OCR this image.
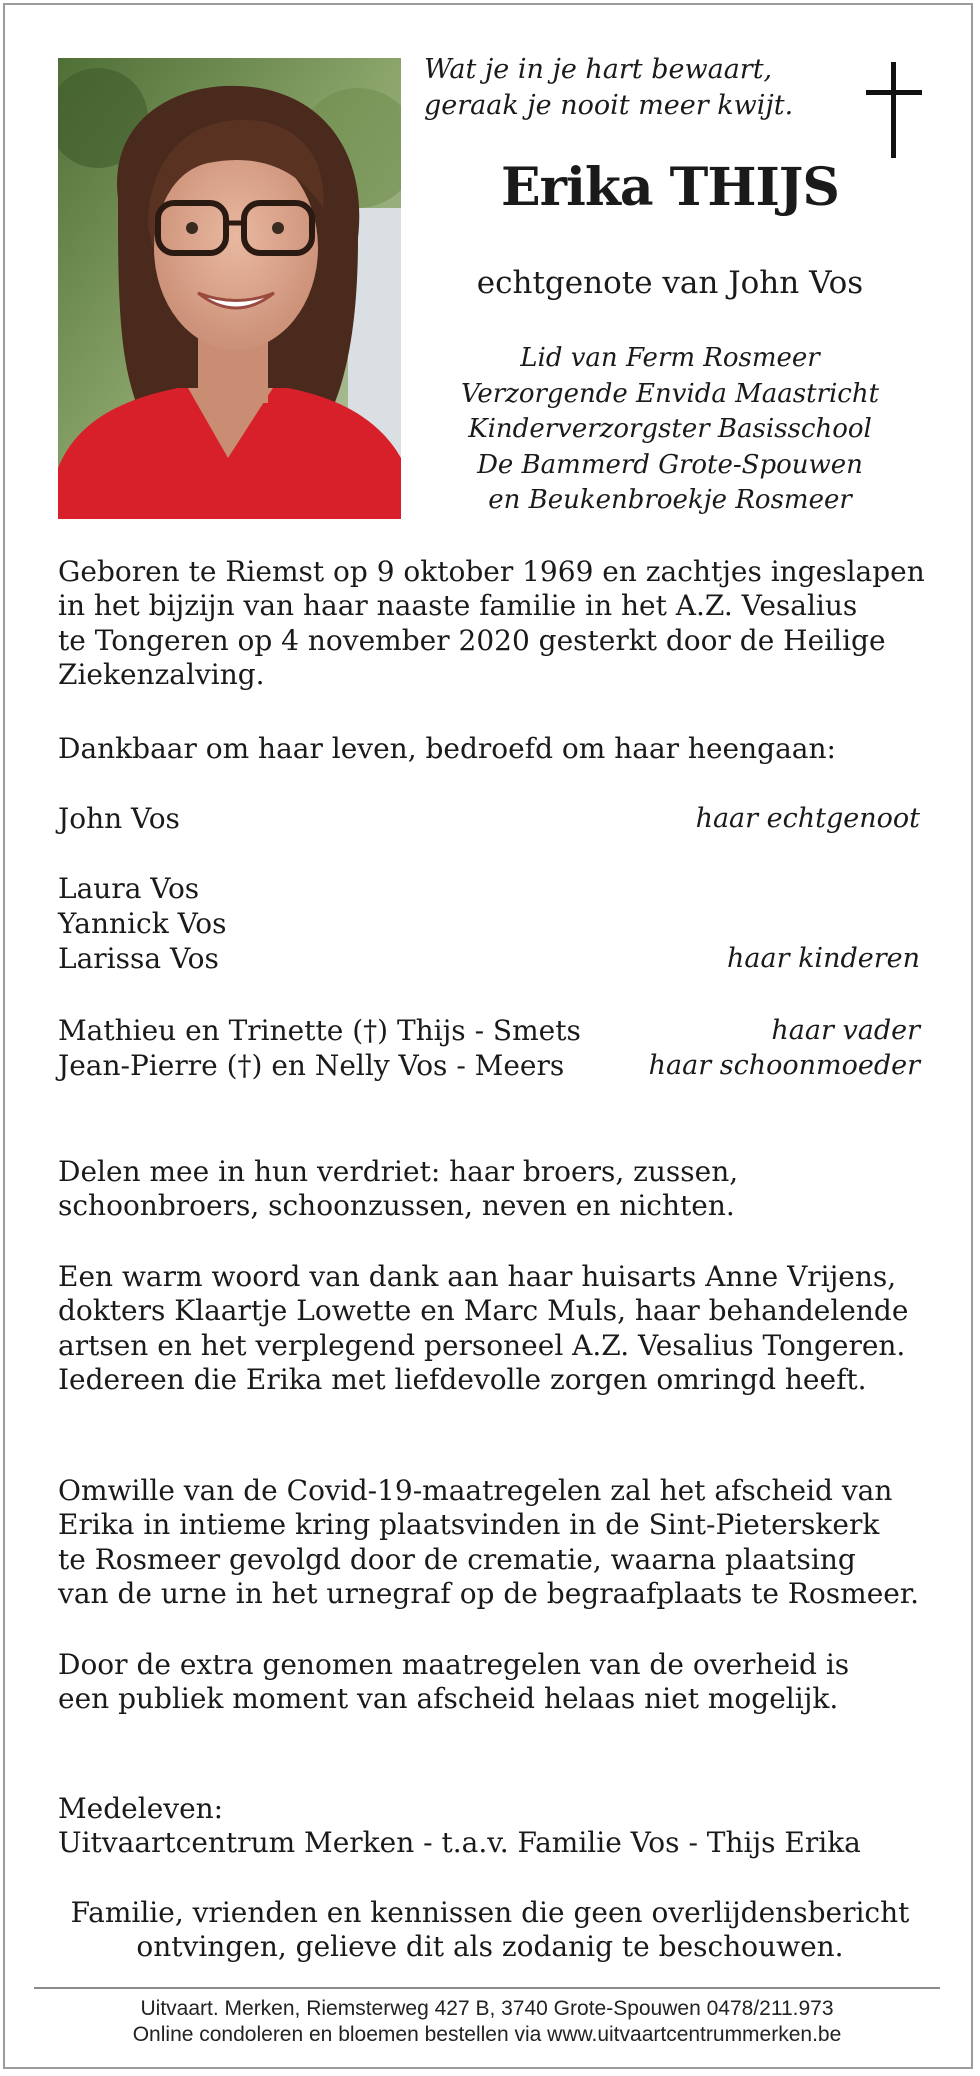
Wat je in je hart bewaart,
geraak je nooit meer kwijt.
Erika THIJS
echtgenote van John Vos
Lid van Ferm Rosmeer
Verzorgende Envida Maastricht
Kinderverzorgster Basisschool
De Bammerd Grote-Spouwen
en Beukenbroekje Rosmeer
Geboren te Riemst op 9 oktober 1969 en zachtjes ingeslapen
in het bijzijn van haar naaste familie in het A.Z. Vesalius
te Tongeren op 4 november 2020 gesterkt door de Heilige
Ziekenzalving.
Dankbaar om haar leven, bedroefd om haar heengaan:
John Vos	haar echtgenoot
Laura Vos
Yannick Vos
Larissa Vos	haar kinderen
Mathieu en Trinette (†) Thijs - Smets	haar vader
Jean-Pierre (†) en Nelly Vos - Meers	haar schoonmoeder
Delen mee in hun verdriet: haar broers, zussen,
schoonbroers, schoonzussen, neven en nichten.
Een warm woord van dank aan haar huisarts Anne Vrijens,
dokters Klaartje Lowette en Marc Muls, haar behandelende
artsen en het verplegend personeel A.Z. Vesalius Tongeren.
Iedereen die Erika met liefdevolle zorgen omringd heeft.
Omwille van de Covid-19-maatregelen zal het afscheid van
Erika in intieme kring plaatsvinden in de Sint-Pieterskerk
te Rosmeer gevolgd door de crematie, waarna plaatsing
van de urne in het urnegraf op de begraafplaats te Rosmeer.
Door de extra genomen maatregelen van de overheid is
een publiek moment van afscheid helaas niet mogelijk.
Medeleven:
Uitvaartcentrum Merken - t.a.v. Familie Vos - Thijs Erika
Familie, vrienden en kennissen die geen overlijdensbericht
ontvingen, gelieve dit als zodanig te beschouwen.
Uitvaart. Merken, Riemsterweg 427 B, 3740 Grote-Spouwen 0478/211.973
Online condoleren en bloemen bestellen via www.uitvaartcentrummerken.be
